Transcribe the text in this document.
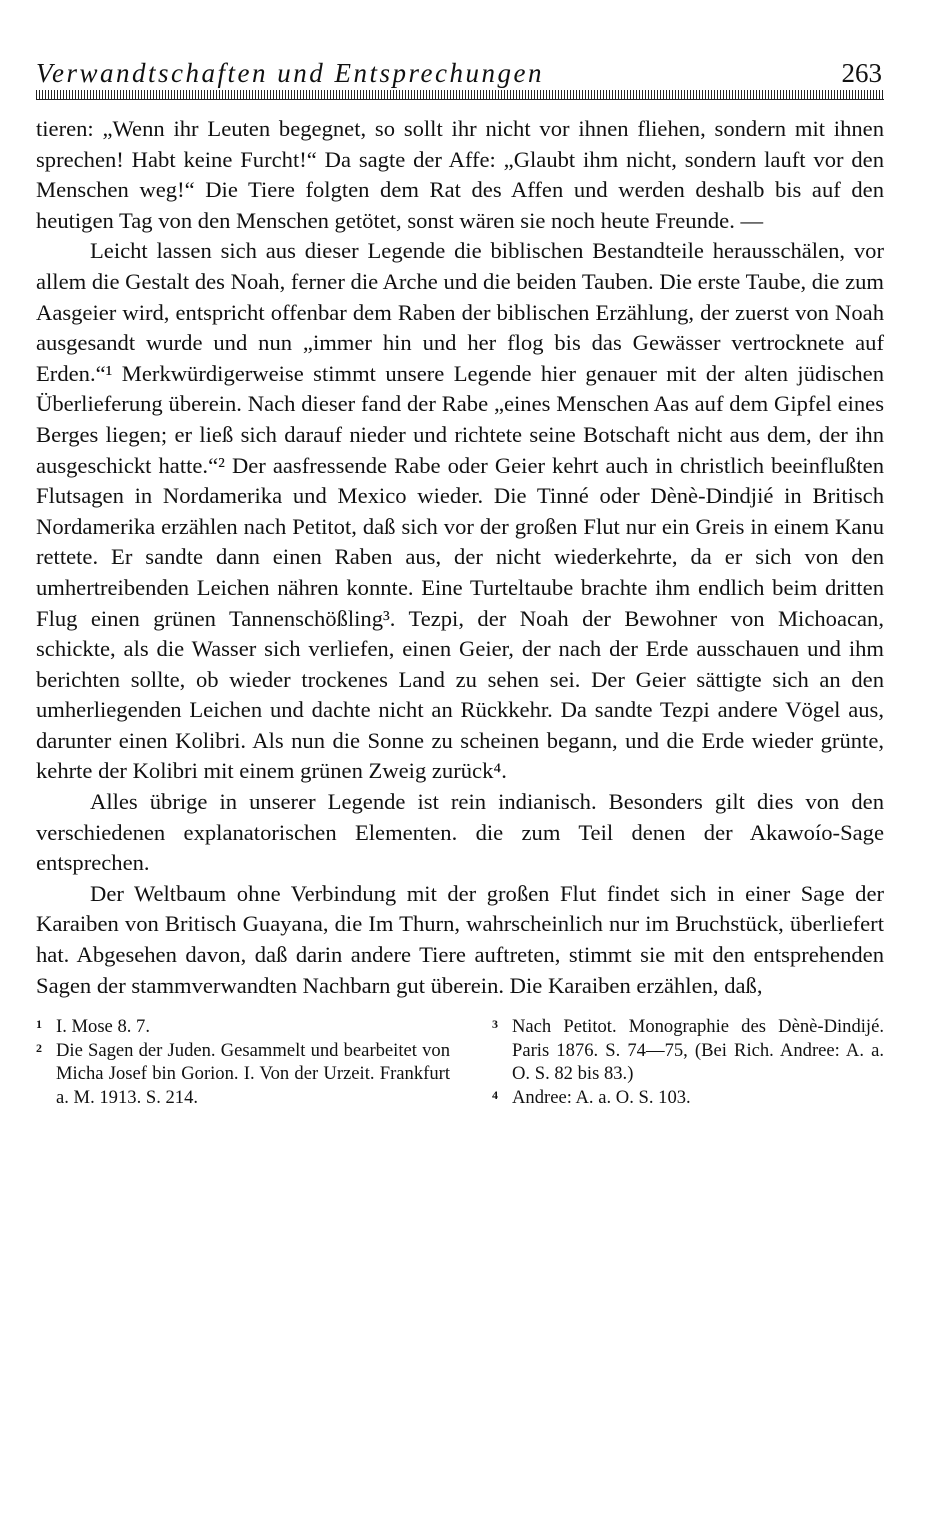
Verwandtschaften und Entsprechungen	263

tieren: „Wenn ihr Leuten begegnet, so sollt ihr nicht vor ihnen fliehen, sondern mit ihnen sprechen! Habt keine Furcht!“ Da sagte der Affe: „Glaubt ihm nicht, sondern lauft vor den Menschen weg!“ Die Tiere folgten dem Rat des Affen und werden deshalb bis auf den heutigen Tag von den Menschen getötet, sonst wären sie noch heute Freunde. —

Leicht lassen sich aus dieser Legende die biblischen Bestandteile herausschälen, vor allem die Gestalt des Noah, ferner die Arche und die beiden Tauben. Die erste Taube, die zum Aasgeier wird, entspricht offenbar dem Raben der biblischen Erzählung, der zuerst von Noah ausgesandt wurde und nun „immer hin und her flog bis das Gewässer vertrocknete auf Erden.“¹ Merkwürdigerweise stimmt unsere Legende hier genauer mit der alten jüdischen Überlieferung überein. Nach dieser fand der Rabe „eines Menschen Aas auf dem Gipfel eines Berges liegen; er ließ sich darauf nieder und richtete seine Botschaft nicht aus dem, der ihn ausgeschickt hatte.“² Der aasfressende Rabe oder Geier kehrt auch in christlich beeinflußten Flutsagen in Nordamerika und Mexico wieder. Die Tinné oder Dènè-Dindjié in Britisch Nordamerika erzählen nach Petitot, daß sich vor der großen Flut nur ein Greis in einem Kanu rettete. Er sandte dann einen Raben aus, der nicht wiederkehrte, da er sich von den umhertreibenden Leichen nähren konnte. Eine Turteltaube brachte ihm endlich beim dritten Flug einen grünen Tannenschößling³. Tezpi, der Noah der Bewohner von Michoacan, schickte, als die Wasser sich verliefen, einen Geier, der nach der Erde ausschauen und ihm berichten sollte, ob wieder trockenes Land zu sehen sei. Der Geier sättigte sich an den umherliegenden Leichen und dachte nicht an Rückkehr. Da sandte Tezpi andere Vögel aus, darunter einen Kolibri. Als nun die Sonne zu scheinen begann, und die Erde wieder grünte, kehrte der Kolibri mit einem grünen Zweig zurück⁴.

Alles übrige in unserer Legende ist rein indianisch. Besonders gilt dies von den verschiedenen explanatorischen Elementen. die zum Teil denen der Akawoío-Sage entsprechen.

Der Weltbaum ohne Verbindung mit der großen Flut findet sich in einer Sage der Karaiben von Britisch Guayana, die Im Thurn, wahrscheinlich nur im Bruchstück, überliefert hat. Abgesehen davon, daß darin andere Tiere auftreten, stimmt sie mit den entsprehenden Sagen der stammverwandten Nachbarn gut überein. Die Karaiben erzählen, daß,

1 I. Mose 8. 7.
2 Die Sagen der Juden. Gesammelt und bearbeitet von Micha Josef bin Gorion. I. Von der Urzeit. Frankfurt a. M. 1913. S. 214.
3 Nach Petitot. Monographie des Dènè-Dindijé. Paris 1876. S. 74—75, (Bei Rich. Andree: A. a. O. S. 82 bis 83.)
4 Andree: A. a. O. S. 103.
